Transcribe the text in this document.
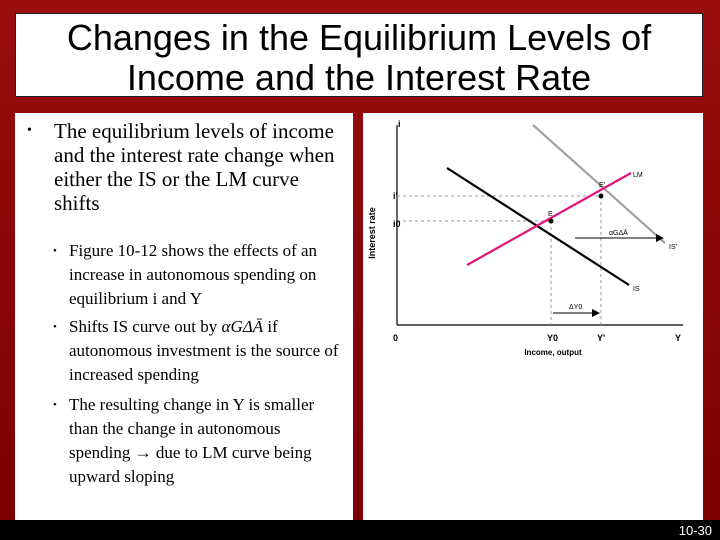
Changes in the Equilibrium Levels of Income and the Interest Rate
• The equilibrium levels of income and the interest rate change when either the IS or the LM curve shifts
• Figure 10-12 shows the effects of an increase in autonomous spending on equilibrium i and Y
• Shifts IS curve out by αGΔĀ if autonomous investment is the source of increased spending
• The resulting change in Y is smaller than the change in autonomous spending → due to LM curve being upward sloping
Interest rate
Income, output
i
Y
0
i'
i0
Y0	Y'
LM
IS
IS'
E
E'
αGΔĀ
ΔY0
10-30
